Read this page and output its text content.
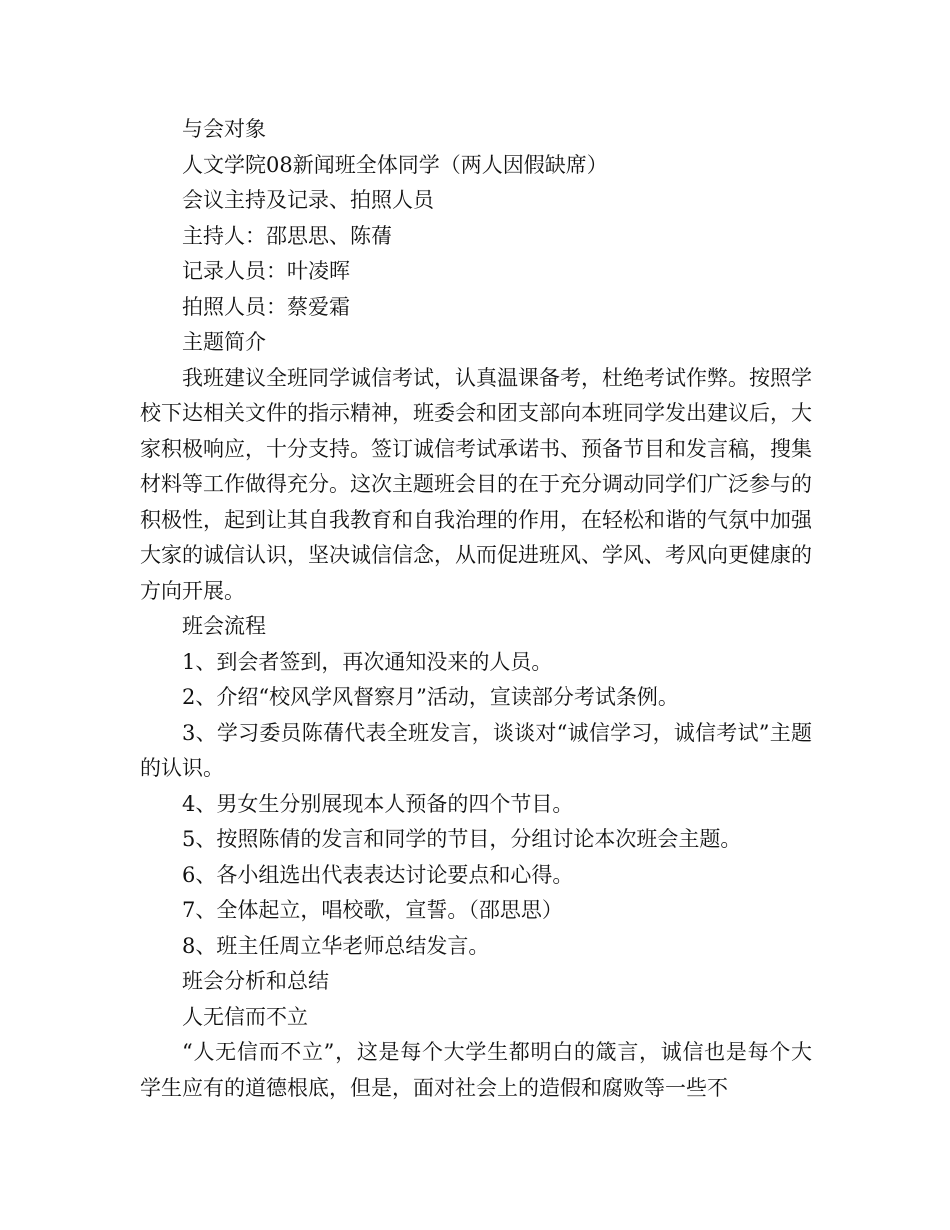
与会对象

人文学院08新闻班全体同学（两人因假缺席）

会议主持及记录、拍照人员

主持人：邵思思、陈蒨

记录人员：叶凌晖

拍照人员：蔡爱霜

主题简介

我班建议全班同学诚信考试，认真温课备考，杜绝考试作弊。按照学校下达相关文件的指示精神，班委会和团支部向本班同学发出建议后，大家积极响应，十分支持。签订诚信考试承诺书、预备节目和发言稿，搜集材料等工作做得充分。这次主题班会目的在于充分调动同学们广泛参与的积极性，起到让其自我教育和自我治理的作用，在轻松和谐的气氛中加强大家的诚信认识，坚决诚信信念，从而促进班风、学风、考风向更健康的方向开展。

班会流程

1、到会者签到，再次通知没来的人员。

2、介绍“校风学风督察月”活动，宣读部分考试条例。

3、学习委员陈蒨代表全班发言，谈谈对“诚信学习，诚信考试”主题的认识。

4、男女生分别展现本人预备的四个节目。

5、按照陈倩的发言和同学的节目，分组讨论本次班会主题。

6、各小组选出代表表达讨论要点和心得。

7、全体起立，唱校歌，宣誓。（邵思思）

8、班主任周立华老师总结发言。

班会分析和总结

人无信而不立

“人无信而不立”，这是每个大学生都明白的箴言，诚信也是每个大学生应有的道德根底，但是，面对社会上的造假和腐败等一些不
